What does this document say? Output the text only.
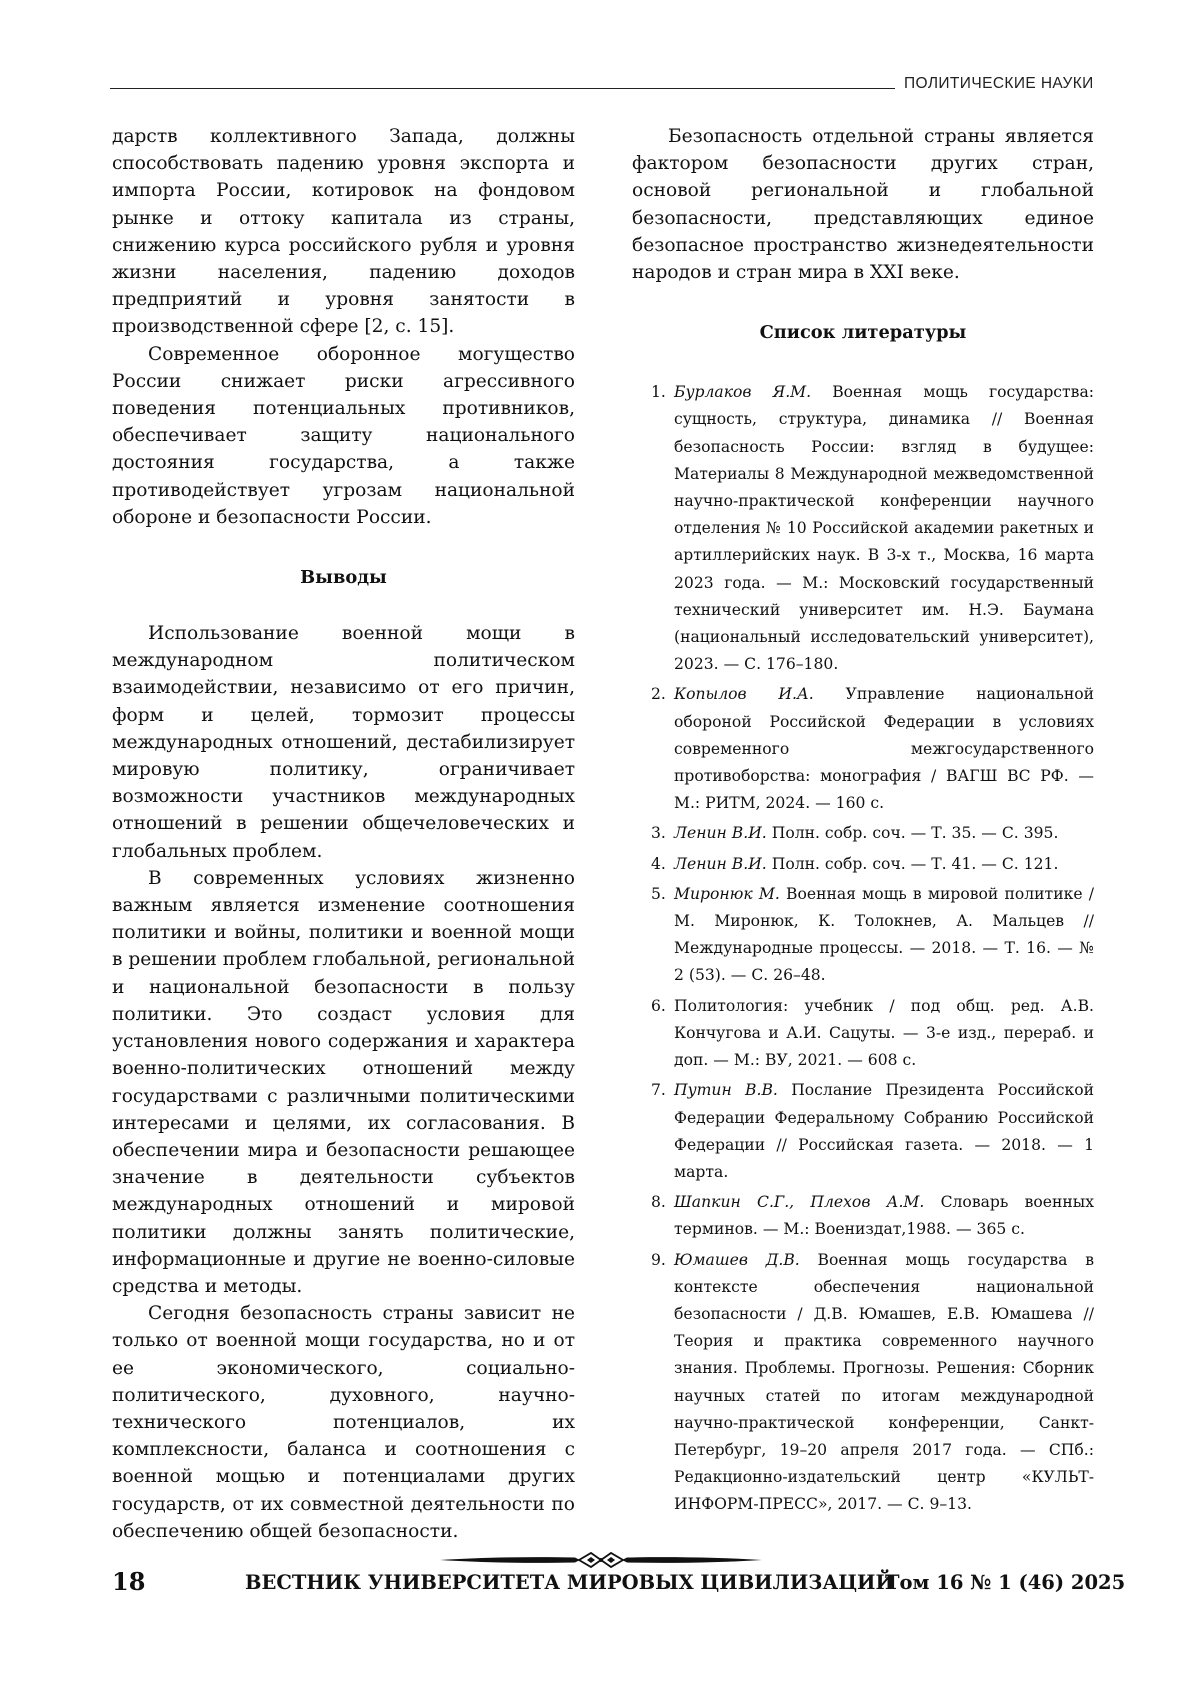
ПОЛИТИЧЕСКИЕ НАУКИ

дарств коллективного Запада, должны способствовать падению уровня экспорта и импорта России, котировок на фондовом рынке и оттоку капитала из страны, снижению курса российского рубля и уровня жизни населения, падению доходов предприятий и уровня занятости в производственной сфере [2, с. 15].

Современное оборонное могущество России снижает риски агрессивного поведения потенциальных противников, обеспечивает защиту национального достояния государства, а также противодействует угрозам национальной обороне и безопасности России.

Выводы

Использование военной мощи в международном политическом взаимодействии, независимо от его причин, форм и целей, тормозит процессы международных отношений, дестабилизирует мировую политику, ограничивает возможности участников международных отношений в решении общечеловеческих и глобальных проблем.

В современных условиях жизненно важным является изменение соотношения политики и войны, политики и военной мощи в решении проблем глобальной, региональной и национальной безопасности в пользу политики. Это создаст условия для установления нового содержания и характера военно-политических отношений между государствами с различными политическими интересами и целями, их согласования. В обеспечении мира и безопасности решающее значение в деятельности субъектов международных отношений и мировой политики должны занять политические, информационные и другие не военно-силовые средства и методы.

Сегодня безопасность страны зависит не только от военной мощи государства, но и от ее экономического, социально-политического, духовного, научно-технического потенциалов, их комплексности, баланса и соотношения с военной мощью и потенциалами других государств, от их совместной деятельности по обеспечению общей безопасности.

Безопасность отдельной страны является фактором безопасности других стран, основой региональной и глобальной безопасности, представляющих единое безопасное пространство жизнедеятельности народов и стран мира в XXI веке.

Список литературы
1. Бурлаков Я.М. Военная мощь государства: сущность, структура, динамика // Военная безопасность России: взгляд в будущее: Материалы 8 Международной межведомственной научно-практической конференции научного отделения № 10 Российской академии ракетных и артиллерийских наук. В 3-х т., Москва, 16 марта 2023 года. — М.: Московский государственный технический университет им. Н.Э. Баумана (национальный исследовательский университет), 2023. — С. 176–180.
2. Копылов И.А. Управление национальной обороной Российской Федерации в условиях современного межгосударственного противоборства: монография / ВАГШ ВС РФ. — М.: РИТМ, 2024. — 160 с.
3. Ленин В.И. Полн. собр. соч. — Т. 35. — С. 395.
4. Ленин В.И. Полн. собр. соч. — Т. 41. — С. 121.
5. Миронюк М. Военная мощь в мировой политике / М. Миронюк, К. Толокнев, А. Мальцев // Международные процессы. — 2018. — Т. 16. — № 2 (53). — С. 26–48.
6. Политология: учебник / под общ. ред. А.В. Кончугова и А.И. Сацуты. — 3-е изд., перераб. и доп. — М.: ВУ, 2021. — 608 с.
7. Путин В.В. Послание Президента Российской Федерации Федеральному Собранию Российской Федерации // Российская газета. — 2018. — 1 марта.
8. Шапкин С.Г., Плехов А.М. Словарь военных терминов. — М.: Воениздат,1988. — 365 с.
9. Юмашев Д.В. Военная мощь государства в контексте обеспечения национальной безопасности / Д.В. Юмашев, Е.В. Юмашева // Теория и практика современного научного знания. Проблемы. Прогнозы. Решения: Сборник научных статей по итогам международной научно-практической конференции, Санкт-Петербург, 19–20 апреля 2017 года. — СПб.: Редакционно-издательский центр «КУЛЬТ-ИНФОРМ-ПРЕСС», 2017. — С. 9–13.
18	ВЕСТНИК УНИВЕРСИТЕТА МИРОВЫХ ЦИВИЛИЗАЦИЙ
Том 16 № 1 (46) 2025
